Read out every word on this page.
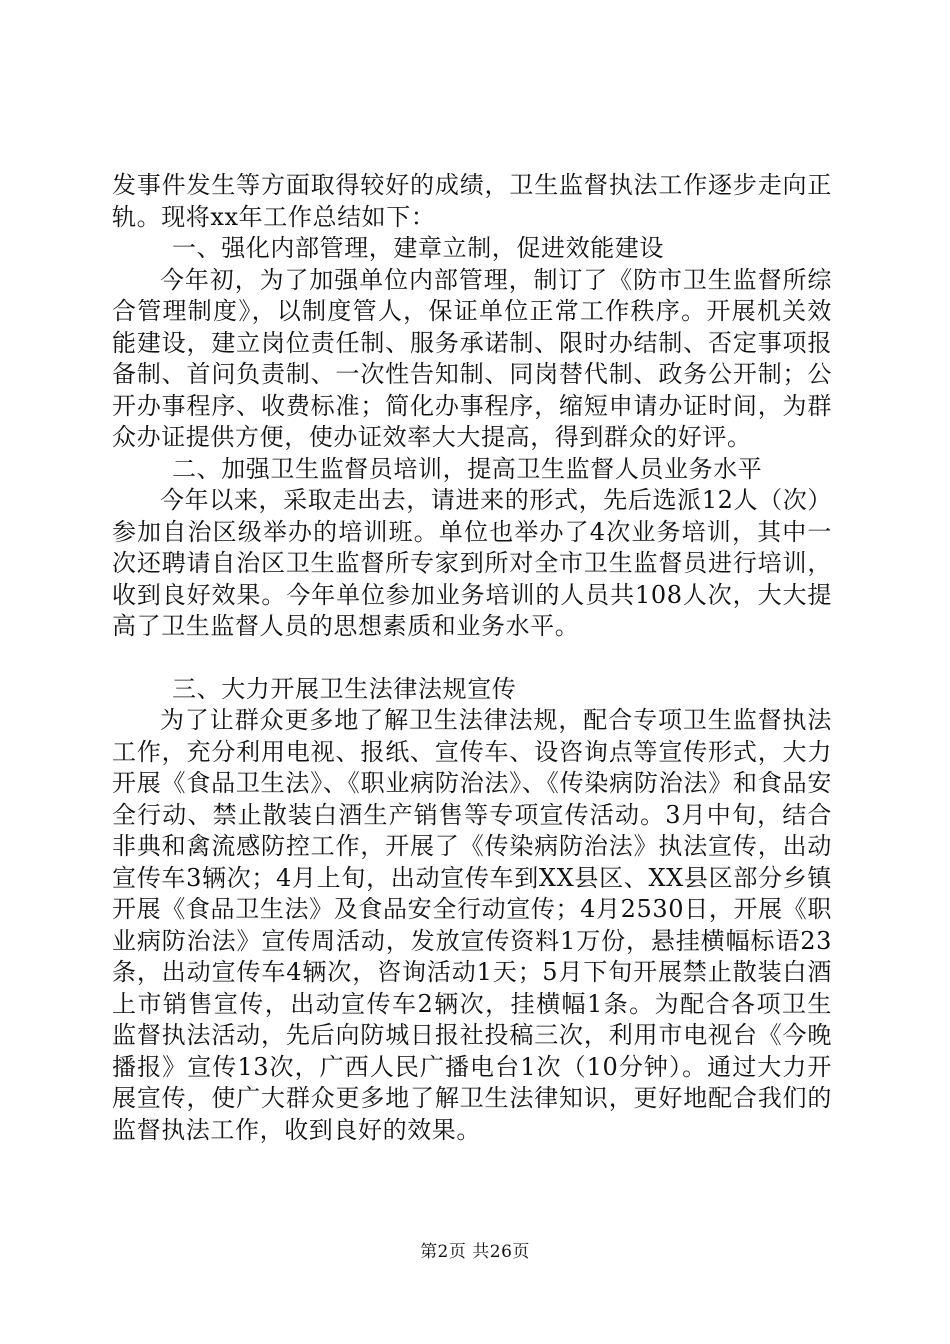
发事件发生等方面取得较好的成绩，卫生监督执法工作逐步走向正轨。现将xx年工作总结如下：

一、强化内部管理，建章立制，促进效能建设

今年初，为了加强单位内部管理，制订了《防市卫生监督所综合管理制度》，以制度管人，保证单位正常工作秩序。开展机关效能建设，建立岗位责任制、服务承诺制、限时办结制、否定事项报备制、首问负责制、一次性告知制、同岗替代制、政务公开制；公开办事程序、收费标准；简化办事程序，缩短申请办证时间，为群众办证提供方便，使办证效率大大提高，得到群众的好评。

二、加强卫生监督员培训，提高卫生监督人员业务水平

今年以来，采取走出去，请进来的形式，先后选派12人（次）参加自治区级举办的培训班。单位也举办了4次业务培训，其中一次还聘请自治区卫生监督所专家到所对全市卫生监督员进行培训，收到良好效果。今年单位参加业务培训的人员共108人次，大大提高了卫生监督人员的思想素质和业务水平。

三、大力开展卫生法律法规宣传

为了让群众更多地了解卫生法律法规，配合专项卫生监督执法工作，充分利用电视、报纸、宣传车、设咨询点等宣传形式，大力开展《食品卫生法》、《职业病防治法》、《传染病防治法》和食品安全行动、禁止散装白酒生产销售等专项宣传活动。3月中旬，结合非典和禽流感防控工作，开展了《传染病防治法》执法宣传，出动宣传车3辆次；4月上旬，出动宣传车到XX县区、XX县区部分乡镇开展《食品卫生法》及食品安全行动宣传；4月2530日，开展《职业病防治法》宣传周活动，发放宣传资料1万份，悬挂横幅标语23条，出动宣传车4辆次，咨询活动1天；5月下旬开展禁止散装白酒上市销售宣传，出动宣传车2辆次，挂横幅1条。为配合各项卫生监督执法活动，先后向防城日报社投稿三次，利用市电视台《今晚播报》宣传13次，广西人民广播电台1次（10分钟）。通过大力开展宣传，使广大群众更多地了解卫生法律知识，更好地配合我们的监督执法工作，收到良好的效果。

第2页 共26页
